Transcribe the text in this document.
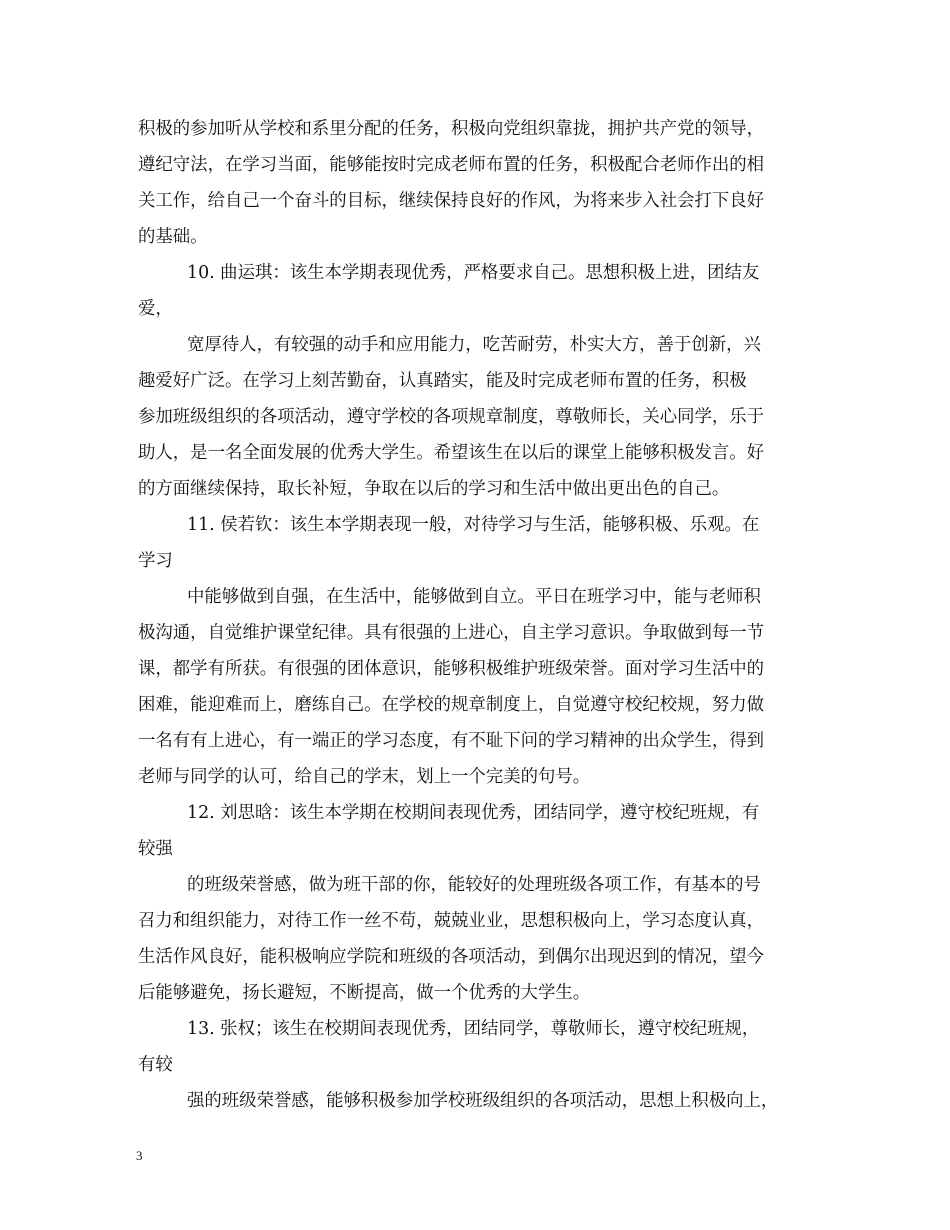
积极的参加听从学校和系里分配的任务，积极向党组织靠拢，拥护共产党的领导，
遵纪守法，在学习当面，能够能按时完成老师布置的任务，积极配合老师作出的相
关工作，给自己一个奋斗的目标，继续保持良好的作风，为将来步入社会打下良好
的基础。
10. 曲运琪：该生本学期表现优秀，严格要求自己。思想积极上进，团结友
爱，
宽厚待人，有较强的动手和应用能力，吃苦耐劳，朴实大方，善于创新，兴
趣爱好广泛。在学习上刻苦勤奋，认真踏实，能及时完成老师布置的任务，积极
参加班级组织的各项活动，遵守学校的各项规章制度，尊敬师长，关心同学，乐于
助人，是一名全面发展的优秀大学生。希望该生在以后的课堂上能够积极发言。好
的方面继续保持，取长补短，争取在以后的学习和生活中做出更出色的自己。
11. 侯若钦：该生本学期表现一般，对待学习与生活，能够积极、乐观。在
学习
中能够做到自强，在生活中，能够做到自立。平日在班学习中，能与老师积
极沟通，自觉维护课堂纪律。具有很强的上进心，自主学习意识。争取做到每一节
课，都学有所获。有很强的团体意识，能够积极维护班级荣誉。面对学习生活中的
困难，能迎难而上，磨练自己。在学校的规章制度上，自觉遵守校纪校规，努力做
一名有有上进心，有一端正的学习态度，有不耻下问的学习精神的出众学生，得到
老师与同学的认可，给自己的学末，划上一个完美的句号。
12. 刘思晗：该生本学期在校期间表现优秀，团结同学，遵守校纪班规，有
较强
的班级荣誉感，做为班干部的你，能较好的处理班级各项工作，有基本的号
召力和组织能力，对待工作一丝不苟，兢兢业业，思想积极向上，学习态度认真，
生活作风良好，能积极响应学院和班级的各项活动，到偶尔出现迟到的情况，望今
后能够避免，扬长避短，不断提高，做一个优秀的大学生。
13. 张权；该生在校期间表现优秀，团结同学，尊敬师长，遵守校纪班规，
有较
强的班级荣誉感，能够积极参加学校班级组织的各项活动，思想上积极向上，
3
